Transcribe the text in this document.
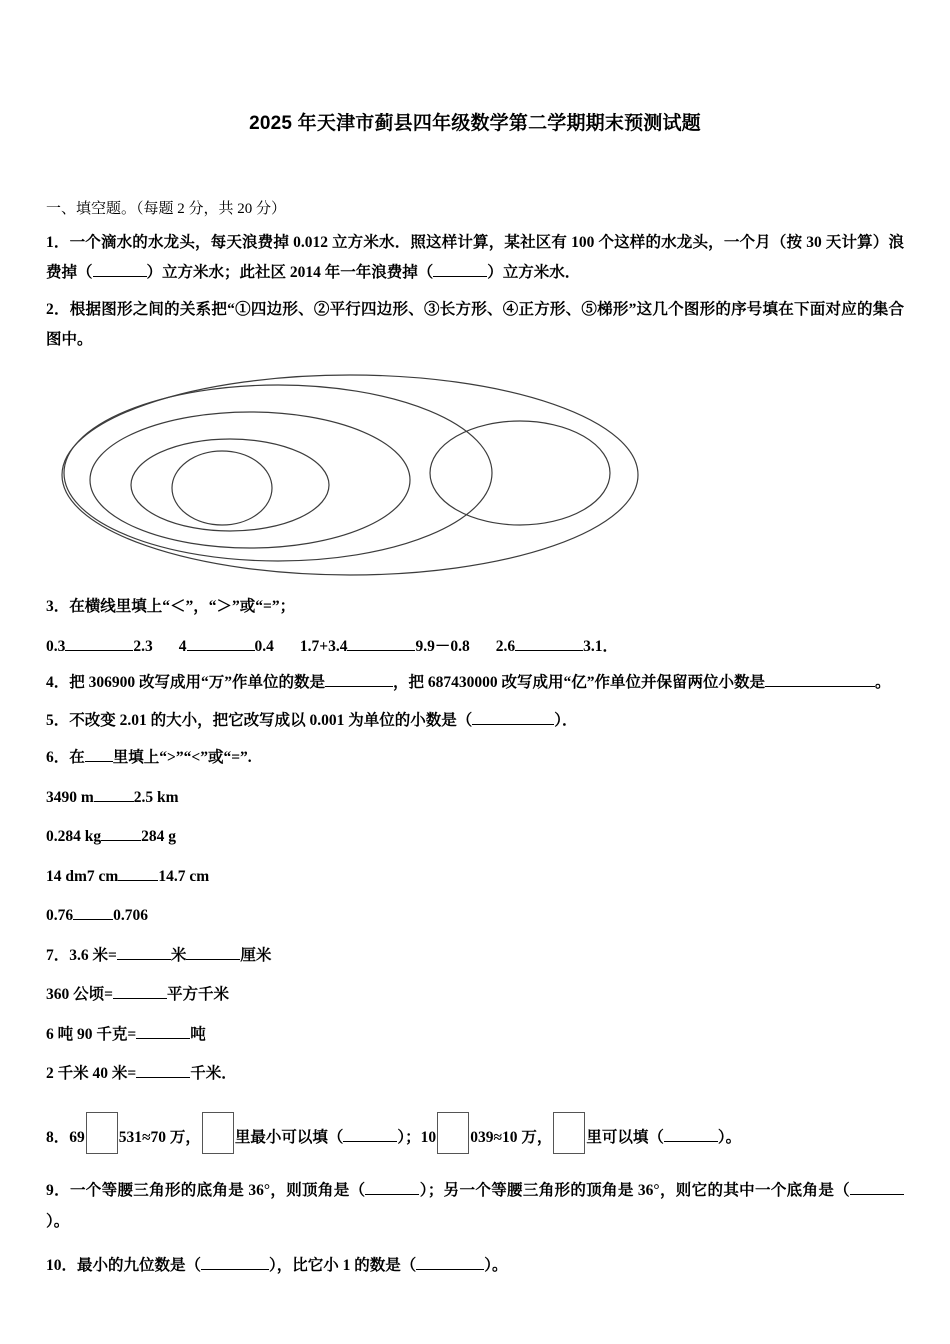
2025 年天津市蓟县四年级数学第二学期期末预测试题
一、填空题。（每题 2 分，共 20 分）
1．一个滴水的水龙头，每天浪费掉 0.012 立方米水．照这样计算，某社区有 100 个这样的水龙头，一个月（按 30 天计算）浪费掉（	）立方米水；此社区 2014 年一年浪费掉（	）立方米水．
2．根据图形之间的关系把“①四边形、②平行四边形、③长方形、④正方形、⑤梯形”这几个图形的序号填在下面对应的集合图中。
3．在横线里填上“＜”，“＞”或“=”；
0.3	2.3 4	0.4 1.7+3.4	9.9－0.8 2.6	3.1．
4．把 306900 改写成用“万”作单位的数是	，把 687430000 改写成用“亿”作单位并保留两位小数是	。
5．不改变 2.01 的大小，把它改写成以 0.001 为单位的小数是（	）．
6．在 里填上“>”“<”或“=”.
3490 m	2.5 km
0.284 kg	284 g
14 dm7 cm	14.7 cm
0.76	0.706
7．3.6 米=	米	厘米
360 公顷=	平方千米
6 吨 90 千克=	吨
2 千米 40 米=	千米．
8．69 531≈70 万， 里最小可以填（	）；10 039≈10 万， 里可以填（	）。
9．一个等腰三角形的底角是 36°，则顶角是（	）；另一个等腰三角形的顶角是 36°，则它的其中一个底角是（）。
10．最小的九位数是（	），比它小 1 的数是（	）。
